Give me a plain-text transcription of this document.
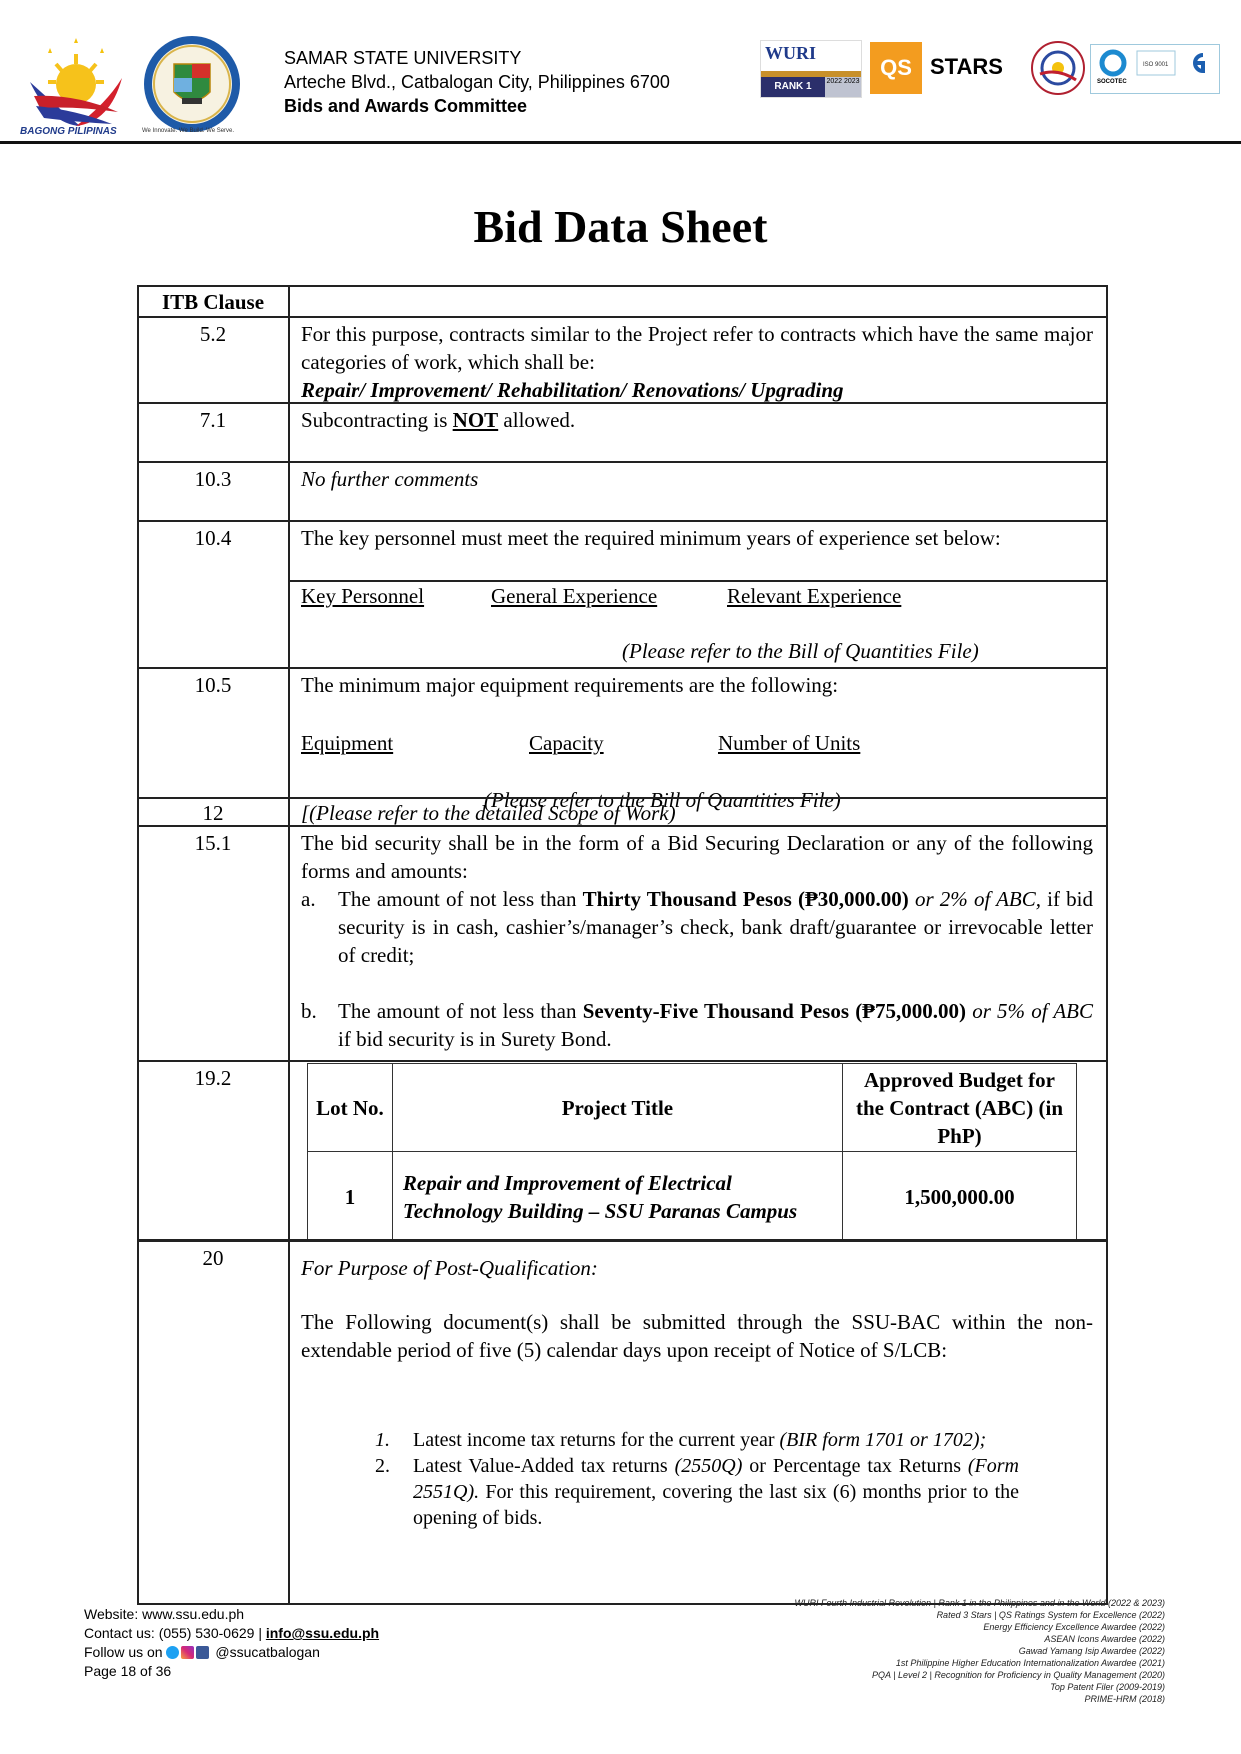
BAGONG PILIPINAS	We Innovate. We Build. We Serve.
SAMAR STATE UNIVERSITY
Arteche Blvd., Catbalogan City, Philippines 6700
Bids and Awards Committee
WURI
RANK 1	2022 2023
QS STARS	ISO 9001
SOCOTEC
Bid Data Sheet
ITB Clause
5.2	For this purpose, contracts similar to the Project refer to contracts which have the same major categories of work, which shall be:
Repair/ Improvement/ Rehabilitation/ Renovations/ Upgrading
7.1	Subcontracting is NOT allowed.
10.3	No further comments
10.4	The key personnel must meet the required minimum years of experience set below:
Key Personnel	General Experience	Relevant Experience
(Please refer to the Bill of Quantities File)
10.5	The minimum major equipment requirements are the following:
Equipment	Capacity	Number of Units
(Please refer to the Bill of Quantities File)
12	[(Please refer to the detailed Scope of Work)
15.1	The bid security shall be in the form of a Bid Securing Declaration or any of the following forms and amounts:
a. The amount of not less than Thirty Thousand Pesos (₱30,000.00) or 2% of ABC, if bid security is in cash, cashier’s/manager’s check, bank draft/guarantee or irrevocable letter of credit;
b. The amount of not less than Seventy-Five Thousand Pesos (₱75,000.00) or 5% of ABC if bid security is in Surety Bond.
19.2
Lot No.	Project Title	Approved Budget for the Contract (ABC) (in PhP)
1	Repair and Improvement of Electrical Technology Building – SSU Paranas Campus	1,500,000.00
20	For Purpose of Post-Qualification:
The Following document(s) shall be submitted through the SSU-BAC within the non-extendable period of five (5) calendar days upon receipt of Notice of S/LCB:
1. Latest income tax returns for the current year (BIR form 1701 or 1702);
2. Latest Value-Added tax returns (2550Q) or Percentage tax Returns (Form 2551Q). For this requirement, covering the last six (6) months prior to the opening of bids.
Website: www.ssu.edu.ph
Contact us: (055) 530-0629 | info@ssu.edu.ph
Follow us on	@ssucatbalogan
Page 18 of 36
WURI Fourth Industrial Revolution | Rank 1 in the Philippines and in the World (2022 & 2023)
Rated 3 Stars | QS Ratings System for Excellence (2022)
Energy Efficiency Excellence Awardee (2022)
ASEAN Icons Awardee (2022)
Gawad Yamang Isip Awardee (2022)
1st Philippine Higher Education Internationalization Awardee (2021)
PQA | Level 2 | Recognition for Proficiency in Quality Management (2020)
Top Patent Filer (2009-2019)
PRIME-HRM (2018)
